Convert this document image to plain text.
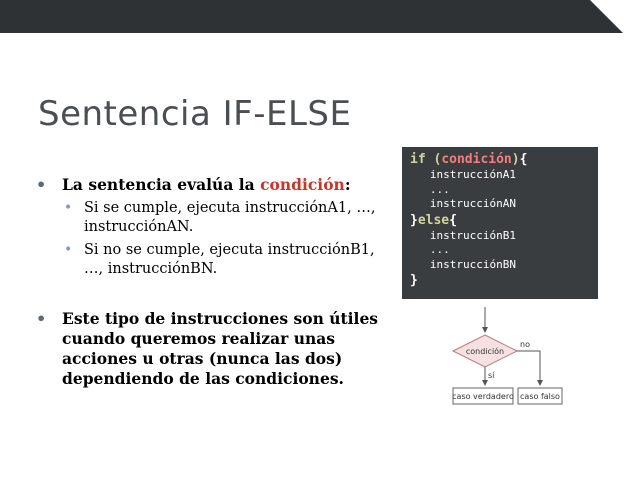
Sentencia IF-ELSE
• La sentencia evalúa la condición:
• Si se cumple, ejecuta instrucciónA1, …, instrucciónAN.
• Si no se cumple, ejecuta instrucciónB1, …, instrucciónBN.
• Este tipo de instrucciones son útiles cuando queremos realizar unas acciones u otras (nunca las dos) dependiendo de las condiciones.
if (condición){
instrucciónA1
...
instrucciónAN
}else{
instrucciónB1
...
instrucciónBN
}
condición
no
sí
caso verdadero caso falso
